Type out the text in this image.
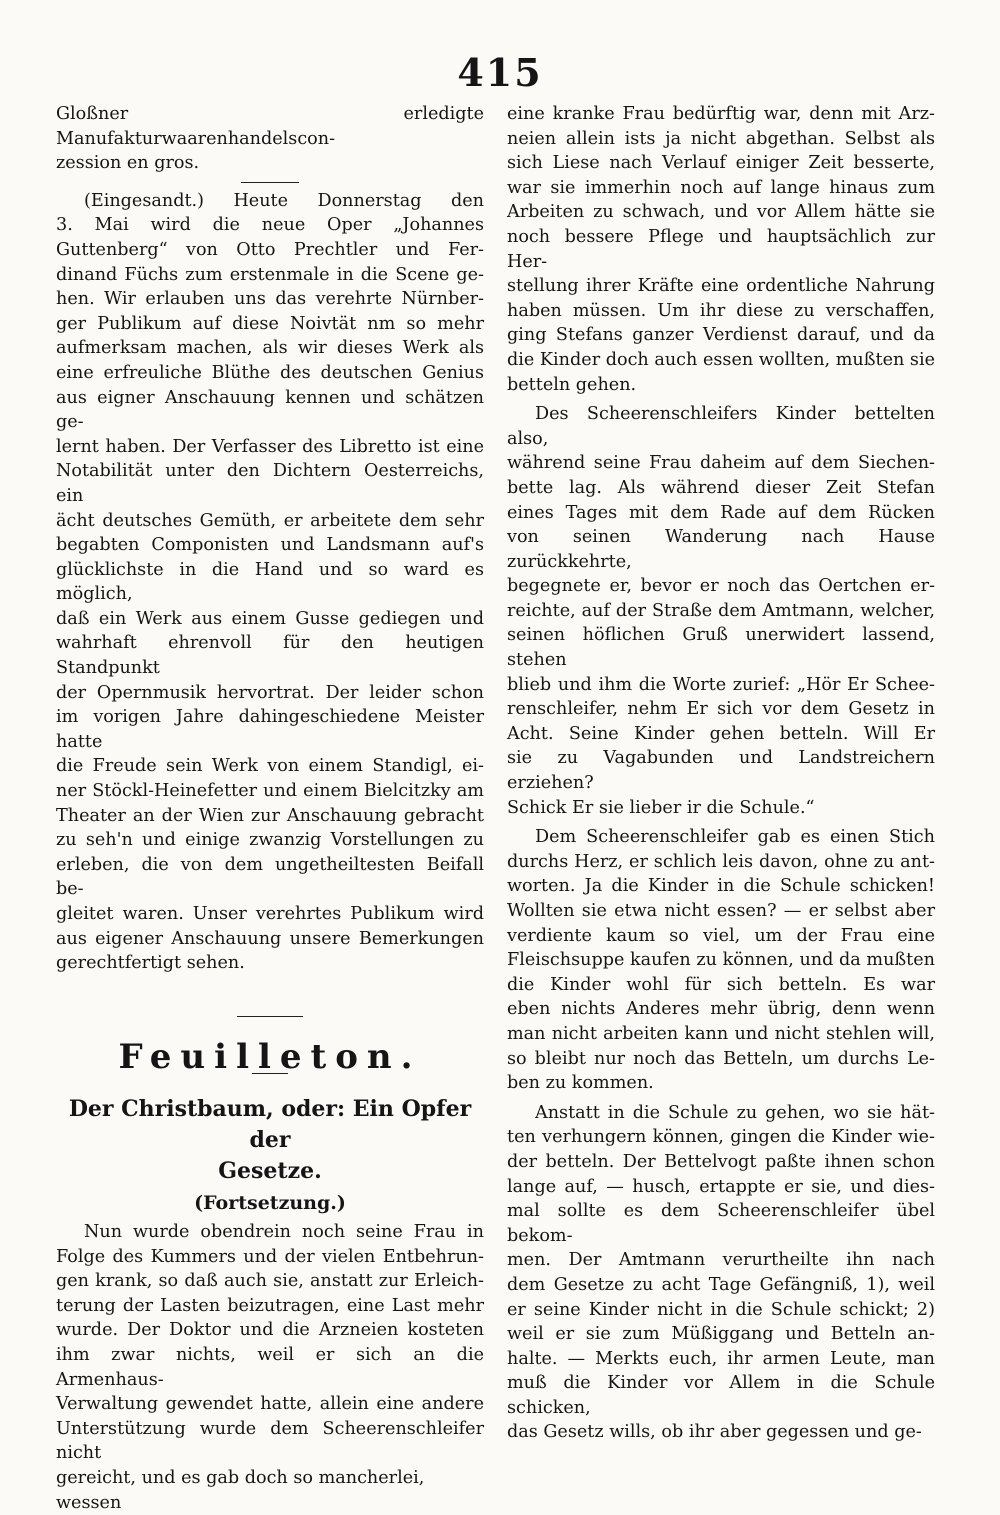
415
Gloßner erledigte Manufakturwaarenhandelscon-
zession en gros.
(Eingesandt.) Heute Donnerstag den
3. Mai wird die neue Oper „Johannes
Guttenberg“ von Otto Prechtler und Fer-
dinand Füchs zum erstenmale in die Scene ge-
hen. Wir erlauben uns das verehrte Nürnber-
ger Publikum auf diese Noivtät nm so mehr
aufmerksam machen, als wir dieses Werk als
eine erfreuliche Blüthe des deutschen Genius
aus eigner Anschauung kennen und schätzen ge-
lernt haben. Der Verfasser des Libretto ist eine
Notabilität unter den Dichtern Oesterreichs, ein
ächt deutsches Gemüth, er arbeitete dem sehr
begabten Componisten und Landsmann auf's
glücklichste in die Hand und so ward es möglich,
daß ein Werk aus einem Gusse gediegen und
wahrhaft ehrenvoll für den heutigen Standpunkt
der Opernmusik hervortrat. Der leider schon
im vorigen Jahre dahingeschiedene Meister hatte
die Freude sein Werk von einem Standigl, ei-
ner Stöckl-Heinefetter und einem Bielcitzky am
Theater an der Wien zur Anschauung gebracht
zu seh'n und einige zwanzig Vorstellungen zu
erleben, die von dem ungetheiltesten Beifall be-
gleitet waren. Unser verehrtes Publikum wird
aus eigener Anschauung unsere Bemerkungen
gerechtfertigt sehen.
Feuilleton.
Der Christbaum, oder: Ein Opfer der
Gesetze.
(Fortsetzung.)
Nun wurde obendrein noch seine Frau in
Folge des Kummers und der vielen Entbehrun-
gen krank, so daß auch sie, anstatt zur Erleich-
terung der Lasten beizutragen, eine Last mehr
wurde. Der Doktor und die Arzneien kosteten
ihm zwar nichts, weil er sich an die Armenhaus-
Verwaltung gewendet hatte, allein eine andere
Unterstützung wurde dem Scheerenschleifer nicht
gereicht, und es gab doch so mancherlei, wessen
eine kranke Frau bedürftig war, denn mit Arz-
neien allein ists ja nicht abgethan. Selbst als
sich Liese nach Verlauf einiger Zeit besserte,
war sie immerhin noch auf lange hinaus zum
Arbeiten zu schwach, und vor Allem hätte sie
noch bessere Pflege und hauptsächlich zur Her-
stellung ihrer Kräfte eine ordentliche Nahrung
haben müssen. Um ihr diese zu verschaffen,
ging Stefans ganzer Verdienst darauf, und da
die Kinder doch auch essen wollten, mußten sie
betteln gehen.
Des Scheerenschleifers Kinder bettelten also,
während seine Frau daheim auf dem Siechen-
bette lag. Als während dieser Zeit Stefan
eines Tages mit dem Rade auf dem Rücken
von seinen Wanderung nach Hause zurückkehrte,
begegnete er, bevor er noch das Oertchen er-
reichte, auf der Straße dem Amtmann, welcher,
seinen höflichen Gruß unerwidert lassend, stehen
blieb und ihm die Worte zurief: „Hör Er Schee-
renschleifer, nehm Er sich vor dem Gesetz in
Acht. Seine Kinder gehen betteln. Will Er
sie zu Vagabunden und Landstreichern erziehen?
Schick Er sie lieber ir die Schule.“
Dem Scheerenschleifer gab es einen Stich
durchs Herz, er schlich leis davon, ohne zu ant-
worten. Ja die Kinder in die Schule schicken!
Wollten sie etwa nicht essen? — er selbst aber
verdiente kaum so viel, um der Frau eine
Fleischsuppe kaufen zu können, und da mußten
die Kinder wohl für sich betteln. Es war
eben nichts Anderes mehr übrig, denn wenn
man nicht arbeiten kann und nicht stehlen will,
so bleibt nur noch das Betteln, um durchs Le-
ben zu kommen.
Anstatt in die Schule zu gehen, wo sie hät-
ten verhungern können, gingen die Kinder wie-
der betteln. Der Bettelvogt paßte ihnen schon
lange auf, — husch, ertappte er sie, und dies-
mal sollte es dem Scheerenschleifer übel bekom-
men. Der Amtmann verurtheilte ihn nach
dem Gesetze zu acht Tage Gefängniß, 1), weil
er seine Kinder nicht in die Schule schickt; 2)
weil er sie zum Müßiggang und Betteln an-
halte. — Merkts euch, ihr armen Leute, man
muß die Kinder vor Allem in die Schule schicken,
das Gesetz wills, ob ihr aber gegessen und ge-
